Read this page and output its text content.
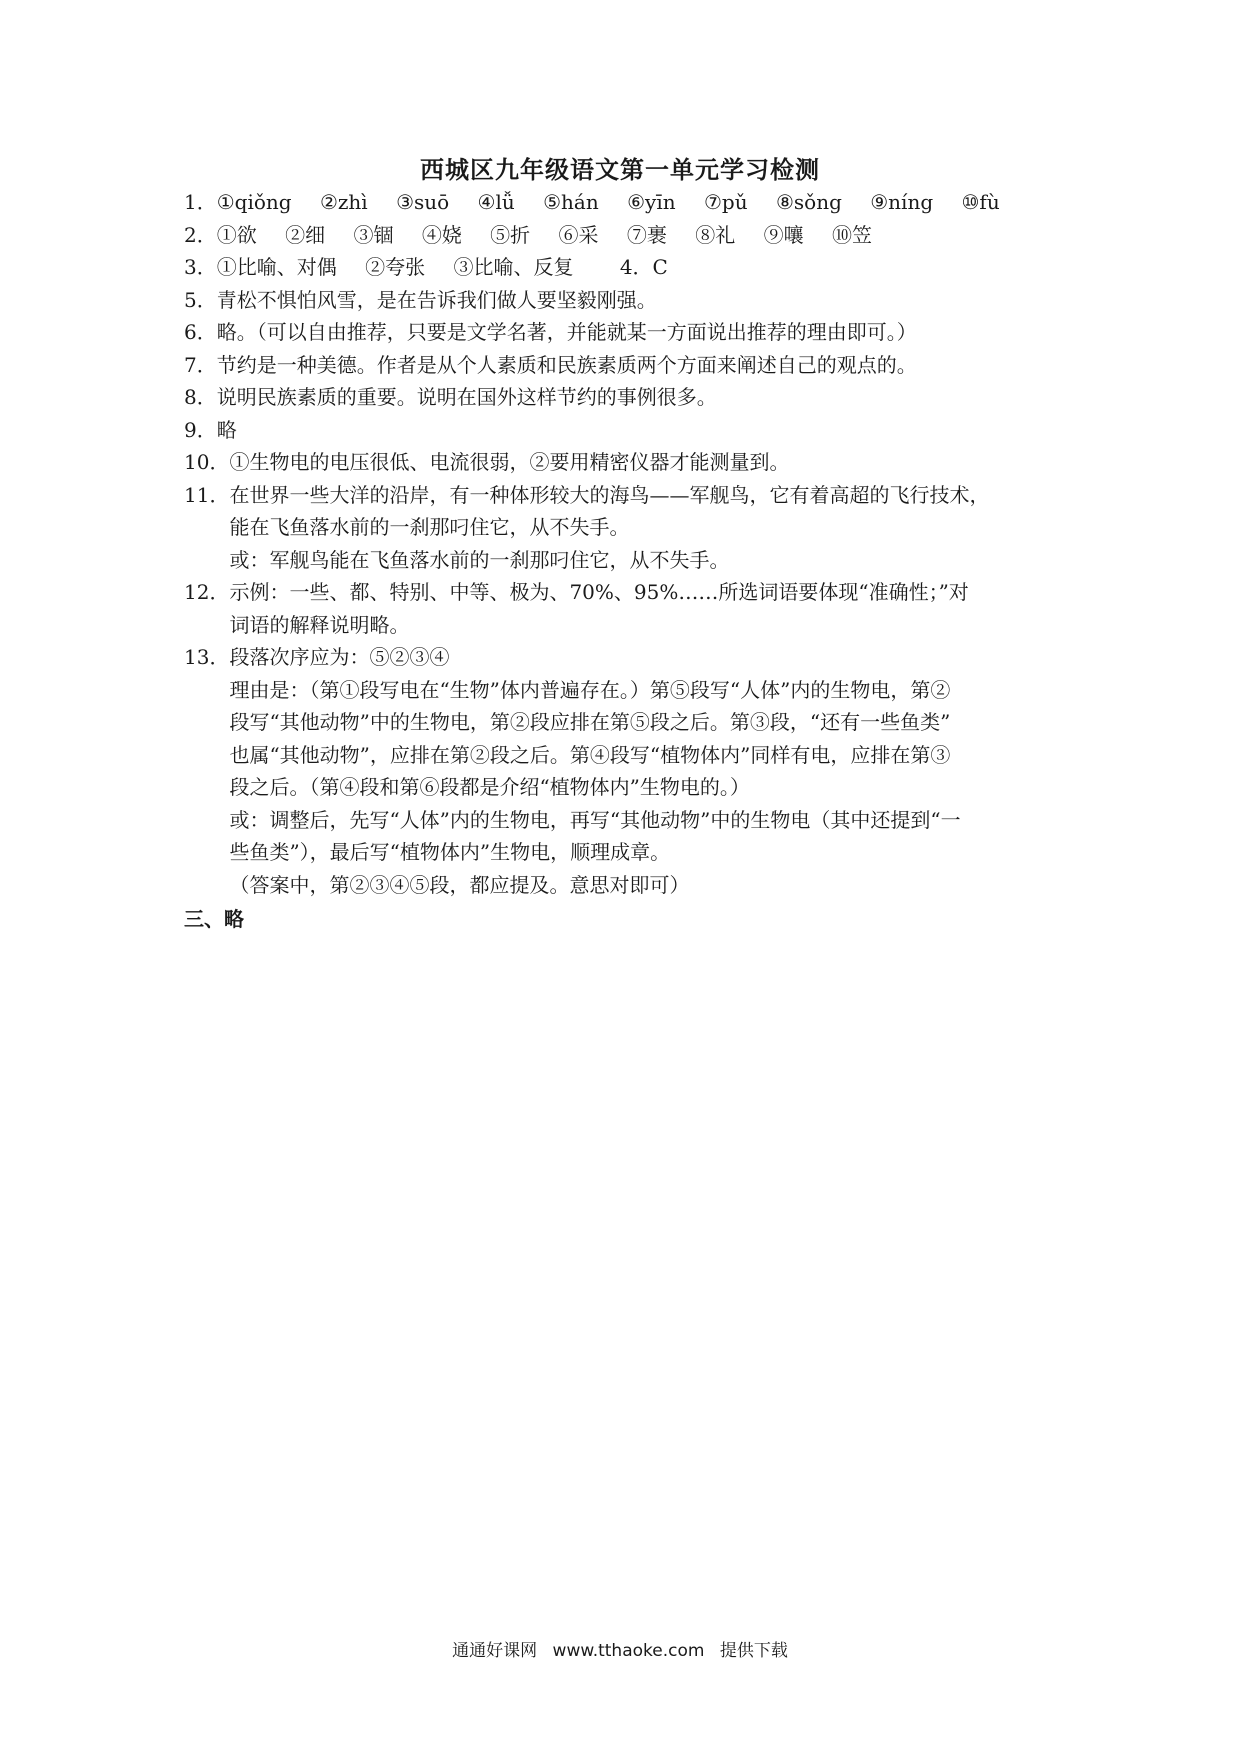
西城区九年级语文第一单元学习检测
1． ①qiǒng ②zhì ③suō ④lǚ ⑤hán ⑥yīn ⑦pǔ ⑧sǒng ⑨níng ⑩fù
2． ①欲 ②细 ③锢 ④娆 ⑤折 ⑥采 ⑦裹 ⑧礼 ⑨嚷 ⑩笠
3． ①比喻、对偶 ②夸张 ③比喻、反复 4．C
5． 青松不惧怕风雪，是在告诉我们做人要坚毅刚强。
6． 略。（可以自由推荐，只要是文学名著，并能就某一方面说出推荐的理由即可。）
7． 节约是一种美德。作者是从个人素质和民族素质两个方面来阐述自己的观点的。
8． 说明民族素质的重要。说明在国外这样节约的事例很多。
9． 略
10． ①生物电的电压很低、电流很弱，②要用精密仪器才能测量到。
11． 在世界一些大洋的沿岸，有一种体形较大的海鸟——军舰鸟，它有着高超的飞行技术，
能在飞鱼落水前的一刹那叼住它，从不失手。
或：军舰鸟能在飞鱼落水前的一刹那叼住它，从不失手。
12． 示例：一些、都、特别、中等、极为、70%、95%……所选词语要体现“准确性；”对
词语的解释说明略。
13． 段落次序应为：⑤②③④
理由是：（第①段写电在“生物”体内普遍存在。）第⑤段写“人体”内的生物电，第②
段写“其他动物”中的生物电，第②段应排在第⑤段之后。第③段，“还有一些鱼类”
也属“其他动物”，应排在第②段之后。第④段写“植物体内”同样有电，应排在第③
段之后。（第④段和第⑥段都是介绍“植物体内”生物电的。）
或：调整后，先写“人体”内的生物电，再写“其他动物”中的生物电（其中还提到“一
些鱼类”），最后写“植物体内”生物电，顺理成章。
（答案中，第②③④⑤段，都应提及。意思对即可）
三、略
通通好课网 www.tthaoke.com 提供下载
